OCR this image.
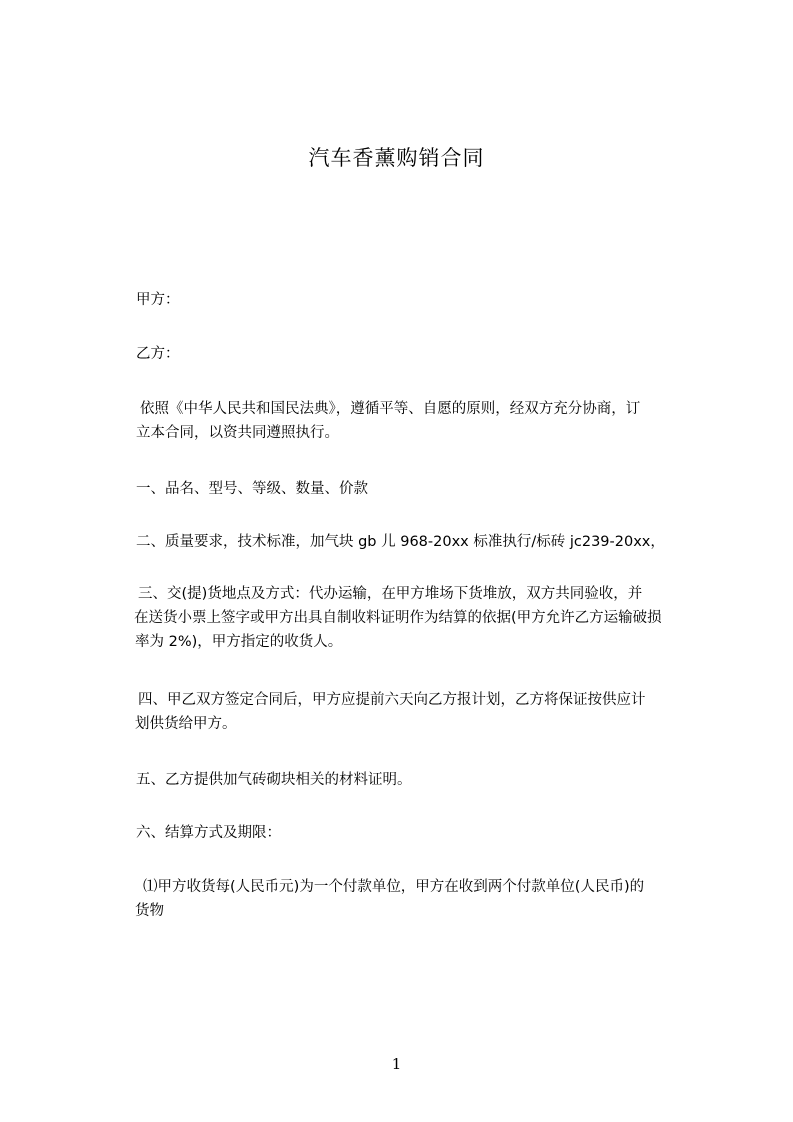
汽车香薰购销合同
甲方：
乙方：
依照《中华人民共和国民法典》，遵循平等、自愿的原则，经双方充分协商，订
立本合同，以资共同遵照执行。
一、品名、型号、等级、数量、价款
二、质量要求，技术标准，加气块 gb 儿 968-20xx 标准执行/标砖 jc239-20xx，
三、交(提)货地点及方式：代办运输，在甲方堆场下货堆放，双方共同验收，并
在送货小票上签字或甲方出具自制收料证明作为结算的依据(甲方允许乙方运输破损
率为 2%)，甲方指定的收货人。
四、甲乙双方签定合同后，甲方应提前六天向乙方报计划，乙方将保证按供应计
划供货给甲方。
五、乙方提供加气砖砌块相关的材料证明。
六、结算方式及期限：
⑴甲方收货每(人民币元)为一个付款单位，甲方在收到两个付款单位(人民币)的
货物
1
